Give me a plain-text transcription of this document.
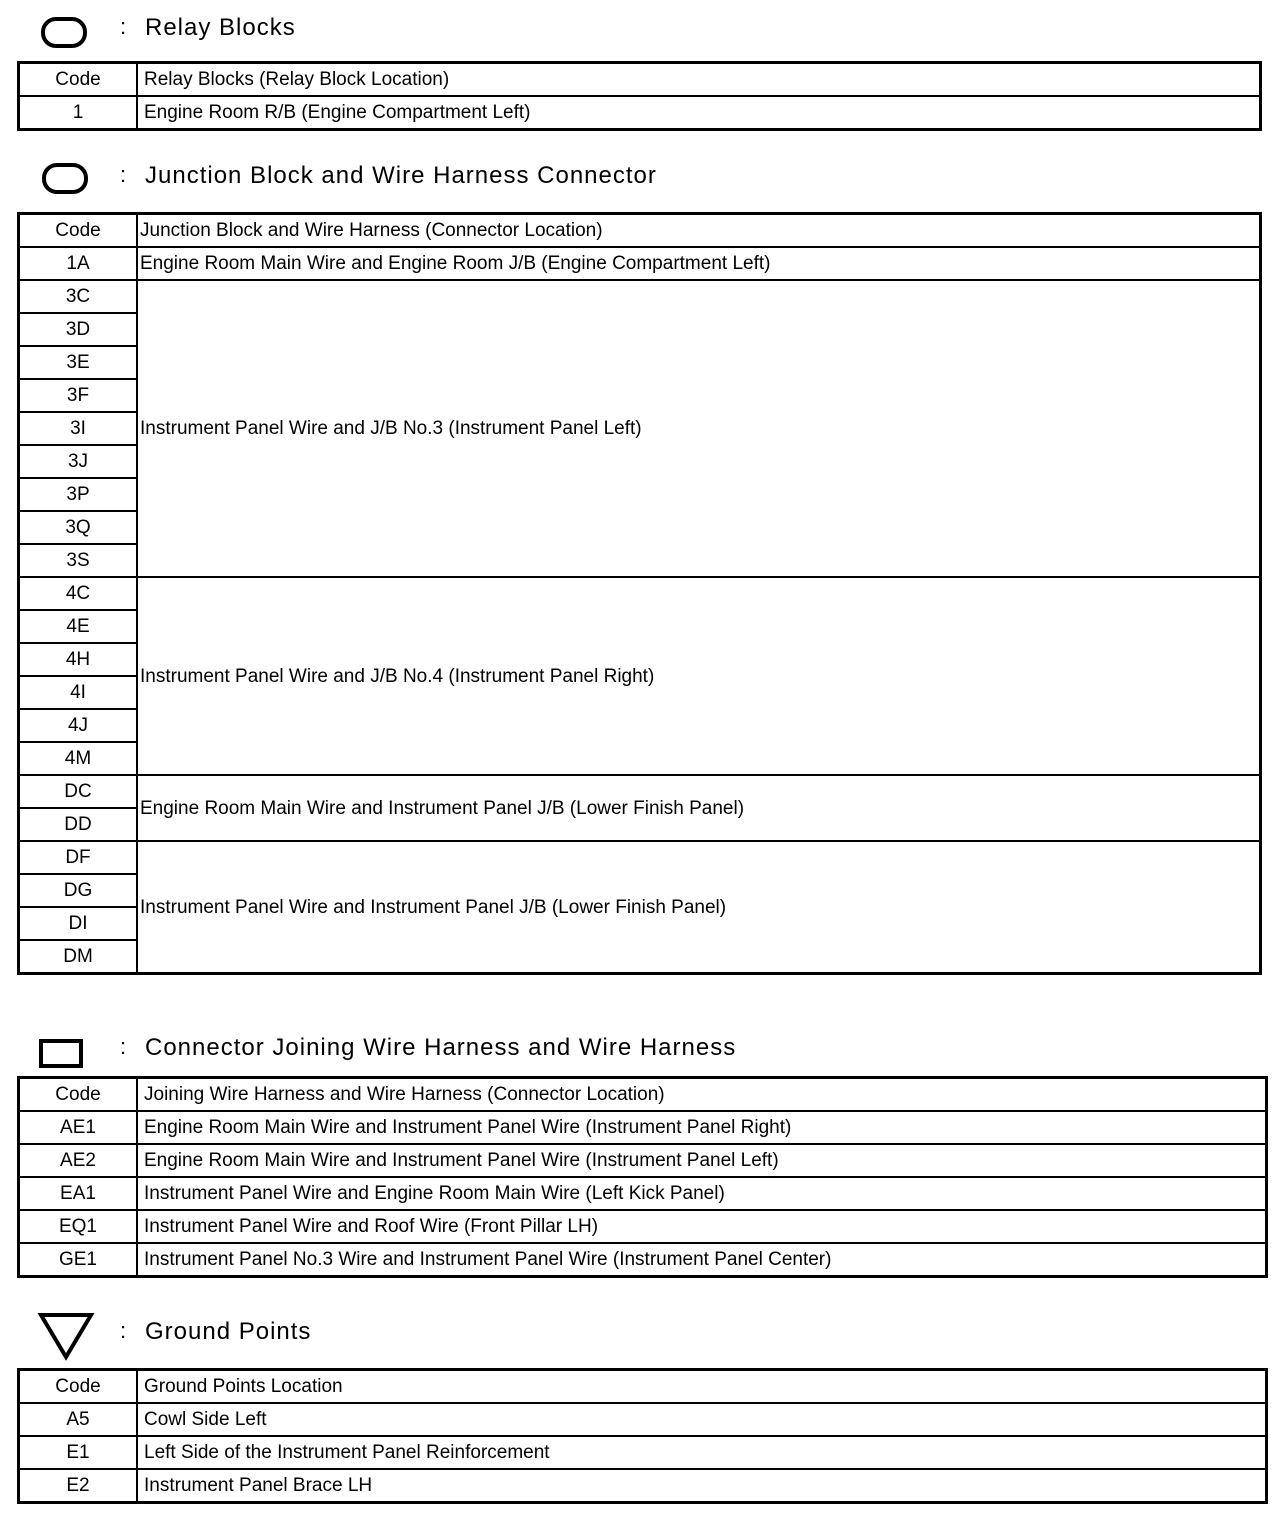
: Relay Blocks
Code	Relay Blocks (Relay Block Location)
1	Engine Room R/B (Engine Compartment Left)
: Junction Block and Wire Harness Connector
Code	Junction Block and Wire Harness (Connector Location)
1A	Engine Room Main Wire and Engine Room J/B (Engine Compartment Left)
3C	Instrument Panel Wire and J/B No.3 (Instrument Panel Left)
3D	
3E	
3F	
3I	
3J	
3P	
3Q	
3S	
4C	Instrument Panel Wire and J/B No.4 (Instrument Panel Right)
4E	
4H	
4I	
4J	
4M	
DC	Engine Room Main Wire and Instrument Panel J/B (Lower Finish Panel)
DD	
DF	Instrument Panel Wire and Instrument Panel J/B (Lower Finish Panel)
DG	
DI	
DM	
: Connector Joining Wire Harness and Wire Harness
Code	Joining Wire Harness and Wire Harness (Connector Location)
AE1	Engine Room Main Wire and Instrument Panel Wire (Instrument Panel Right)
AE2	Engine Room Main Wire and Instrument Panel Wire (Instrument Panel Left)
EA1	Instrument Panel Wire and Engine Room Main Wire (Left Kick Panel)
EQ1	Instrument Panel Wire and Roof Wire (Front Pillar LH)
GE1	Instrument Panel No.3 Wire and Instrument Panel Wire (Instrument Panel Center)
: Ground Points
Code	Ground Points Location
A5	Cowl Side Left
E1	Left Side of the Instrument Panel Reinforcement
E2	Instrument Panel Brace LH
